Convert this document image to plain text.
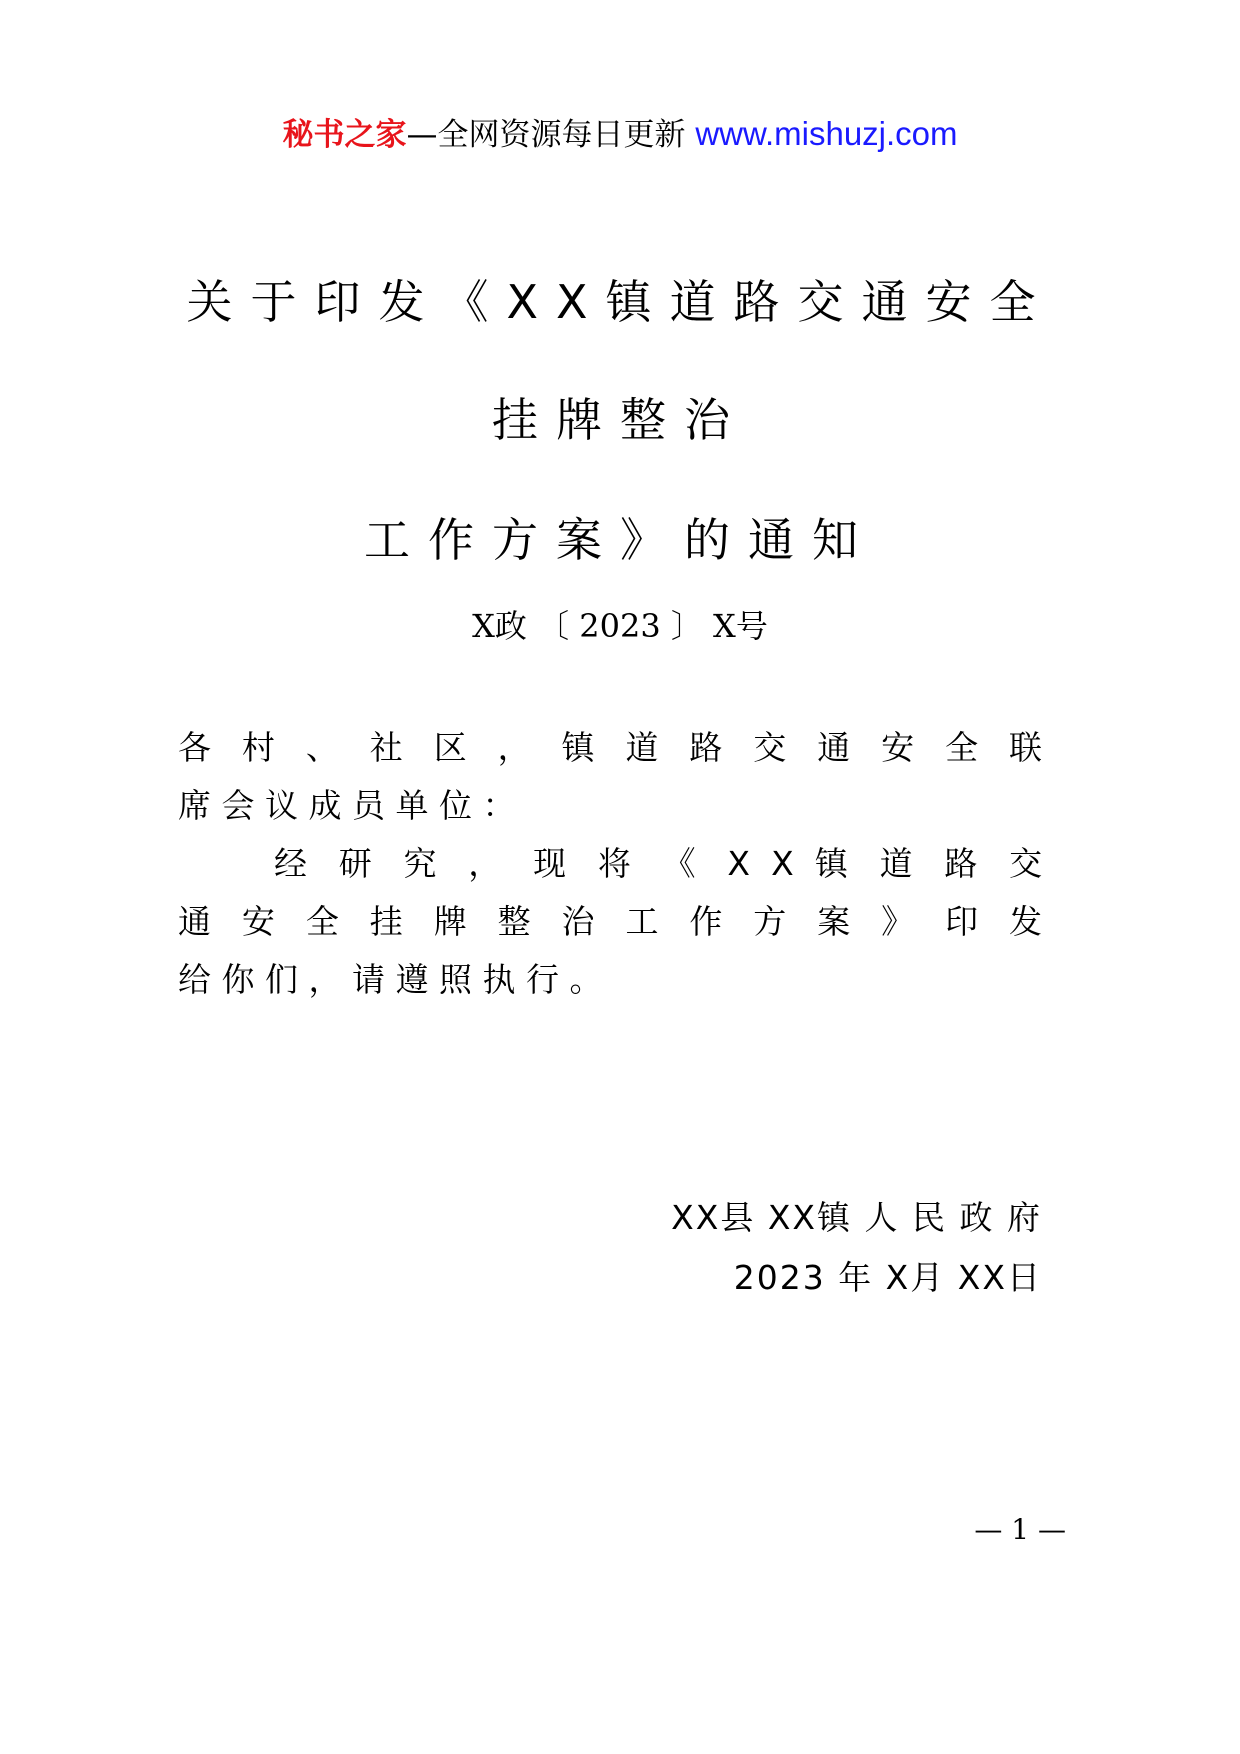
秘书之家—全网资源每日更新 www.mishuzj.com
关于印发《XX镇道路交通安全
挂牌整治
工作方案》的通知
X政 〔 2023 〕 X号
各 村 、 社 区 ， 镇 道 路 交 通 安 全 联
席 会 议 成 员 单 位 ：
经 研 究 ， 现 将 《 X X 镇 道 路 交
通 安 全 挂 牌 整 治 工 作 方 案 》 印 发
给 你 们 ， 请 遵 照 执 行 。
XX县 XX镇 人 民 政 府
2023 年 X月 XX日
— 1 —
